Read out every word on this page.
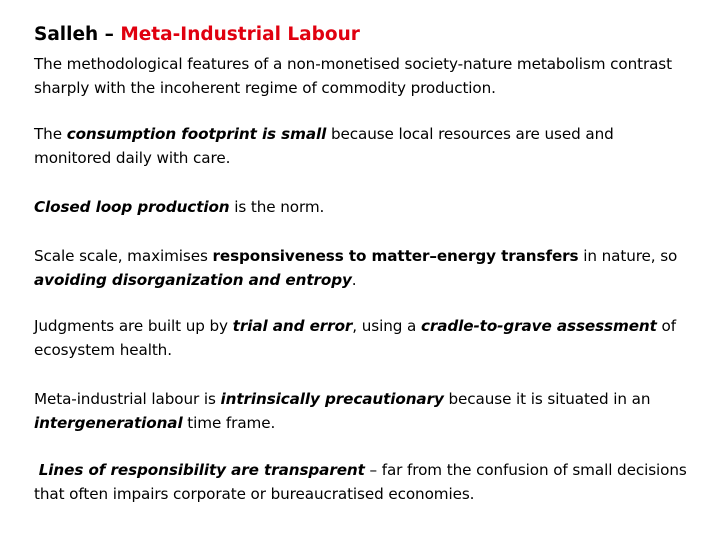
Salleh – Meta-Industrial Labour
The methodological features of a non-monetised society-nature metabolism contrast sharply with the incoherent regime of commodity production.
The consumption footprint is small because local resources are used and monitored daily with care.
Closed loop production is the norm.
Scale scale, maximises responsiveness to matter–energy transfers in nature, so avoiding disorganization and entropy.
Judgments are built up by trial and error, using a cradle-to-grave assessment of ecosystem health.
Meta-industrial labour is intrinsically precautionary because it is situated in an intergenerational time frame.
Lines of responsibility are transparent – far from the confusion of small decisions that often impairs corporate or bureaucratised economies.
